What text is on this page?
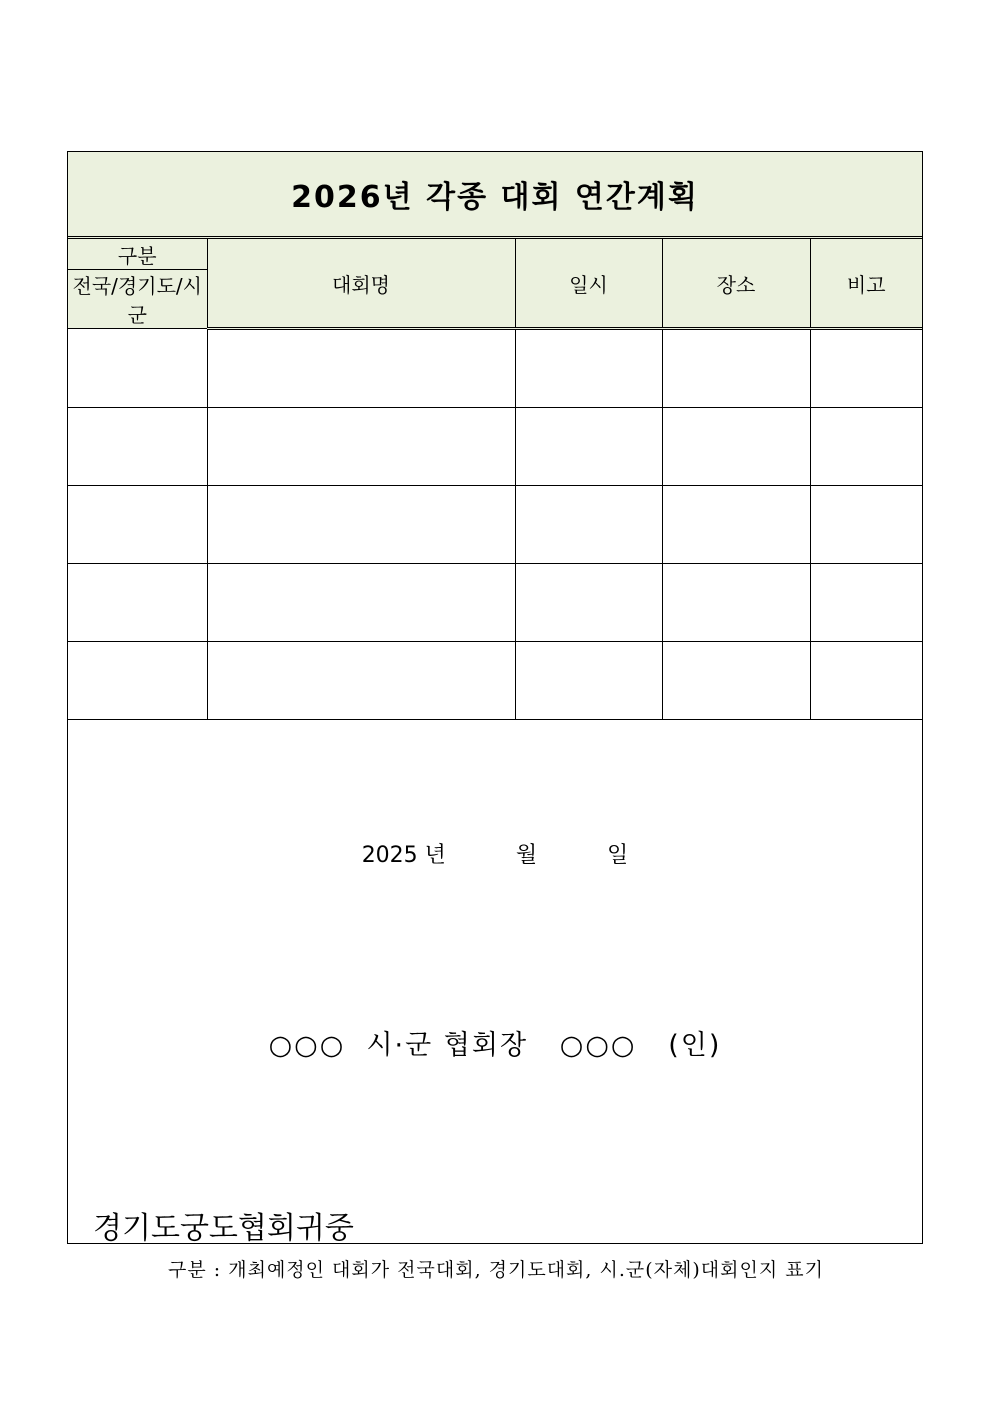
2026년 각종 대회 연간계획
구분	대회명	일시	장소	비고
전국/경기도/시군				

2025 년          월          일
○○○  시·군 협회장   ○○○   (인)
경기도궁도협회귀중
구분 : 개최예정인 대회가 전국대회, 경기도대회, 시.군(자체)대회인지 표기
